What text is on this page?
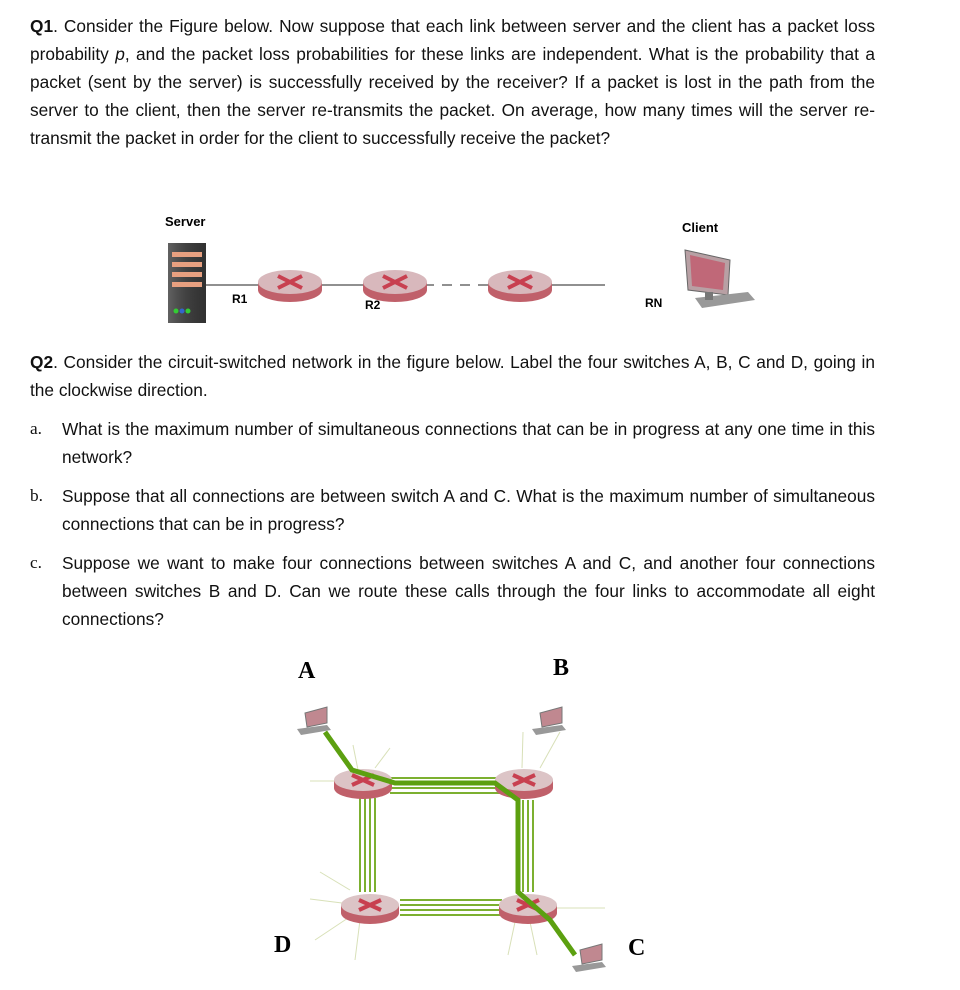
Q1. Consider the Figure below. Now suppose that each link between server and the client has a packet loss probability p, and the packet loss probabilities for these links are independent. What is the probability that a packet (sent by the server) is successfully received by the receiver? If a packet is lost in the path from the server to the client, then the server re-transmits the packet. On average, how many times will the server re-transmit the packet in order for the client to successfully receive the packet?

Server	Client
R1	R2	RN

Q2. Consider the circuit-switched network in the figure below. Label the four switches A, B, C and D, going in the clockwise direction.

a. What is the maximum number of simultaneous connections that can be in progress at any one time in this network?
b. Suppose that all connections are between switch A and C. What is the maximum number of simultaneous connections that can be in progress?
c. Suppose we want to make four connections between switches A and C, and another four connections between switches B and D. Can we route these calls through the four links to accommodate all eight connections?
A	B
C
D
